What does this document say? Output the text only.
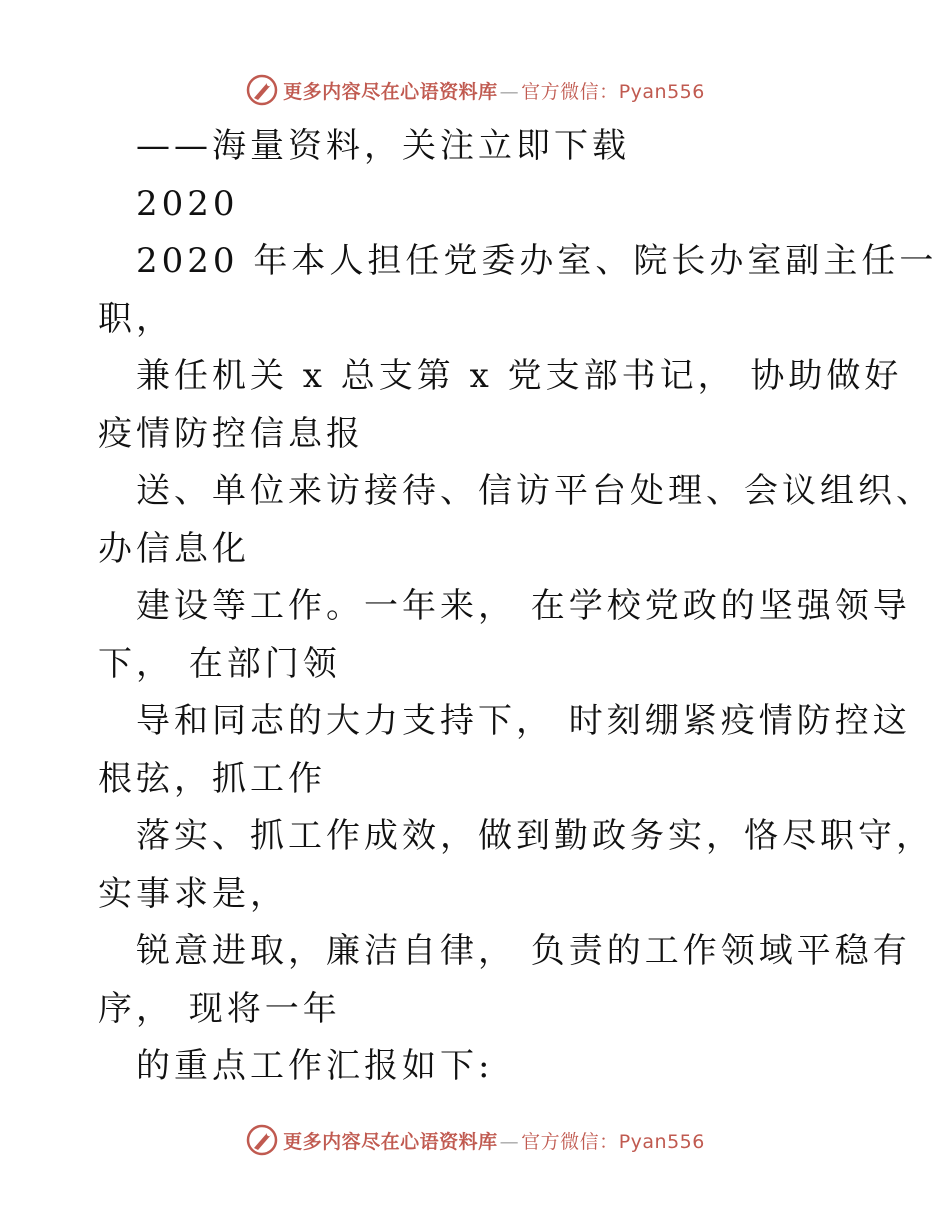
更多内容尽在心语资料库 — 官方微信：Pyan556
——海量资料，关注立即下载
2020
2020 年本人担任党委办室、院长办室副主任一
职，
兼任机关 x 总支第 x 党支部书记， 协助做好
疫情防控信息报
送、单位来访接待、信访平台处理、会议组织、
办信息化
建设等工作。一年来， 在学校党政的坚强领导
下， 在部门领
导和同志的大力支持下， 时刻绷紧疫情防控这
根弦，抓工作
落实、抓工作成效，做到勤政务实，恪尽职守，
实事求是，
锐意进取，廉洁自律， 负责的工作领域平稳有
序， 现将一年
的重点工作汇报如下:
更多内容尽在心语资料库 — 官方微信：Pyan556
